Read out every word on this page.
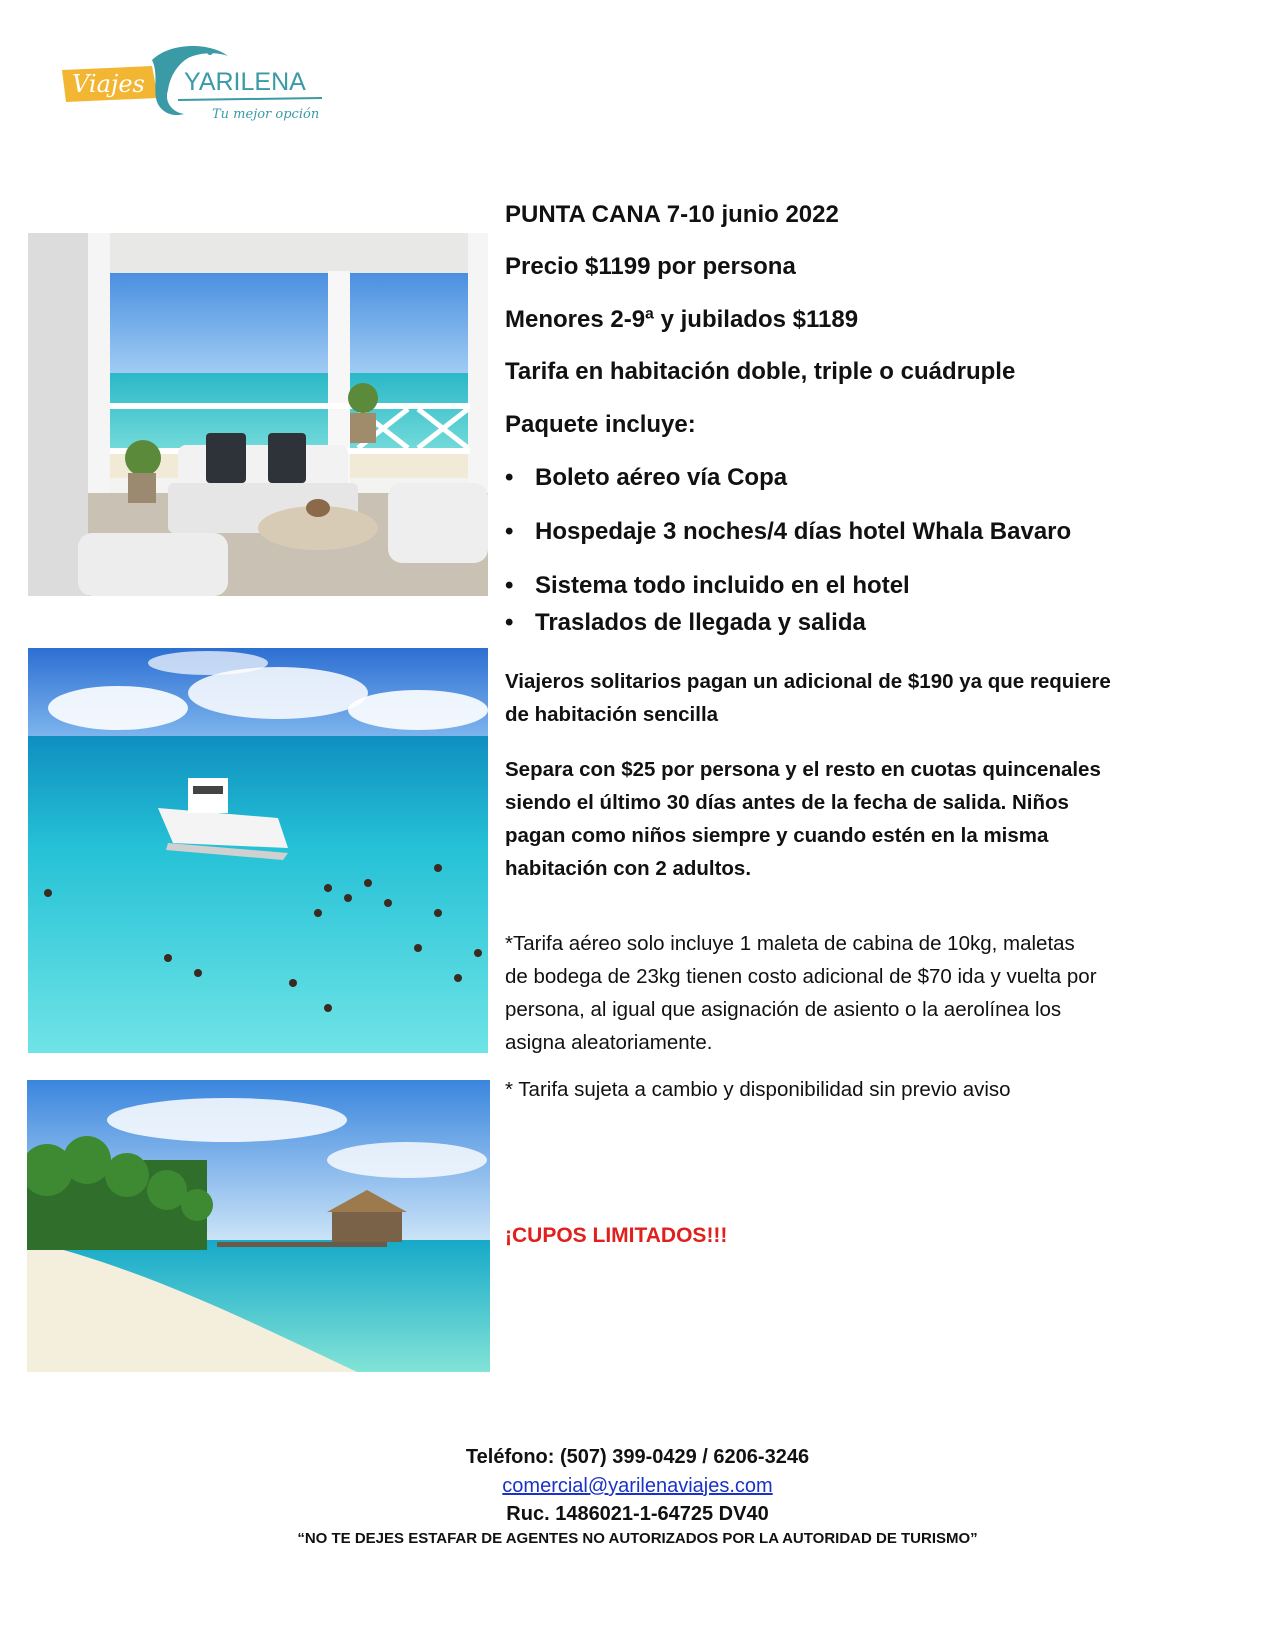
Viajes YARILENA
Tu mejor opción
PUNTA CANA 7-10 junio 2022
Precio $1199 por persona
Menores 2-9ª y jubilados $1189
Tarifa en habitación doble, triple o cuádruple
Paquete incluye:
• Boleto aéreo vía Copa
• Hospedaje 3 noches/4 días hotel Whala Bavaro
• Sistema todo incluido en el hotel
• Traslados de llegada y salida
Viajeros solitarios pagan un adicional de $190 ya que requiere
de habitación sencilla
Separa con $25 por persona y el resto en cuotas quincenales
siendo el último 30 días antes de la fecha de salida. Niños
pagan como niños siempre y cuando estén en la misma
habitación con 2 adultos.
*Tarifa aéreo solo incluye 1 maleta de cabina de 10kg, maletas
de bodega de 23kg tienen costo adicional de $70 ida y vuelta por
persona, al igual que asignación de asiento o la aerolínea los
asigna aleatoriamente.
* Tarifa sujeta a cambio y disponibilidad sin previo aviso
¡CUPOS LIMITADOS!!!
Teléfono: (507) 399-0429 / 6206-3246
comercial@yarilenaviajes.com
Ruc. 1486021-1-64725 DV40
“NO TE DEJES ESTAFAR DE AGENTES NO AUTORIZADOS POR LA AUTORIDAD DE TURISMO”
